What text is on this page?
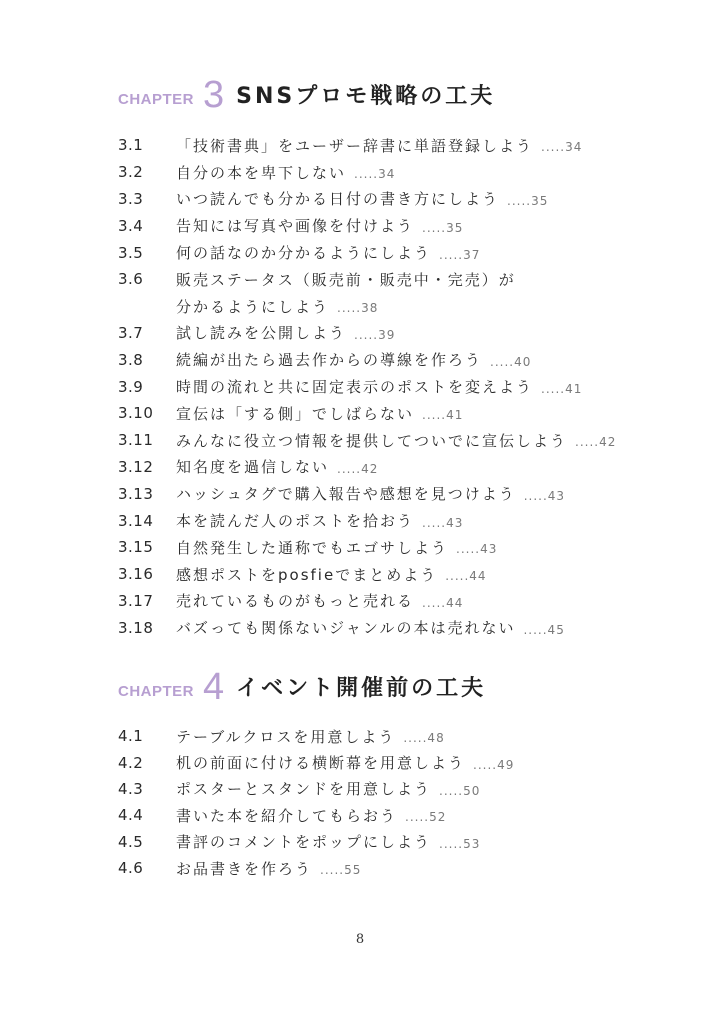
CHAPTER 3 SNSプロモ戦略の工夫
3.1	「技術書典」をユーザー辞書に単語登録しよう .....34
3.2	自分の本を卑下しない .....34
3.3	いつ読んでも分かる日付の書き方にしよう .....35
3.4	告知には写真や画像を付けよう .....35
3.5	何の話なのか分かるようにしよう .....37
3.6	販売ステータス（販売前・販売中・完売）が
分かるようにしよう .....38
3.7	試し読みを公開しよう .....39
3.8	続編が出たら過去作からの導線を作ろう .....40
3.9	時間の流れと共に固定表示のポストを変えよう .....41
3.10	宣伝は「する側」でしばらない .....41
3.11	みんなに役立つ情報を提供してついでに宣伝しよう .....42
3.12	知名度を過信しない .....42
3.13	ハッシュタグで購入報告や感想を見つけよう .....43
3.14	本を読んだ人のポストを拾おう .....43
3.15	自然発生した通称でもエゴサしよう .....43
3.16	感想ポストをposfieでまとめよう .....44
3.17	売れているものがもっと売れる .....44
3.18	バズっても関係ないジャンルの本は売れない .....45
CHAPTER 4 イベント開催前の工夫
4.1	テーブルクロスを用意しよう .....48
4.2	机の前面に付ける横断幕を用意しよう .....49
4.3	ポスターとスタンドを用意しよう .....50
4.4	書いた本を紹介してもらおう .....52
4.5	書評のコメントをポップにしよう .....53
4.6	お品書きを作ろう .....55
8
